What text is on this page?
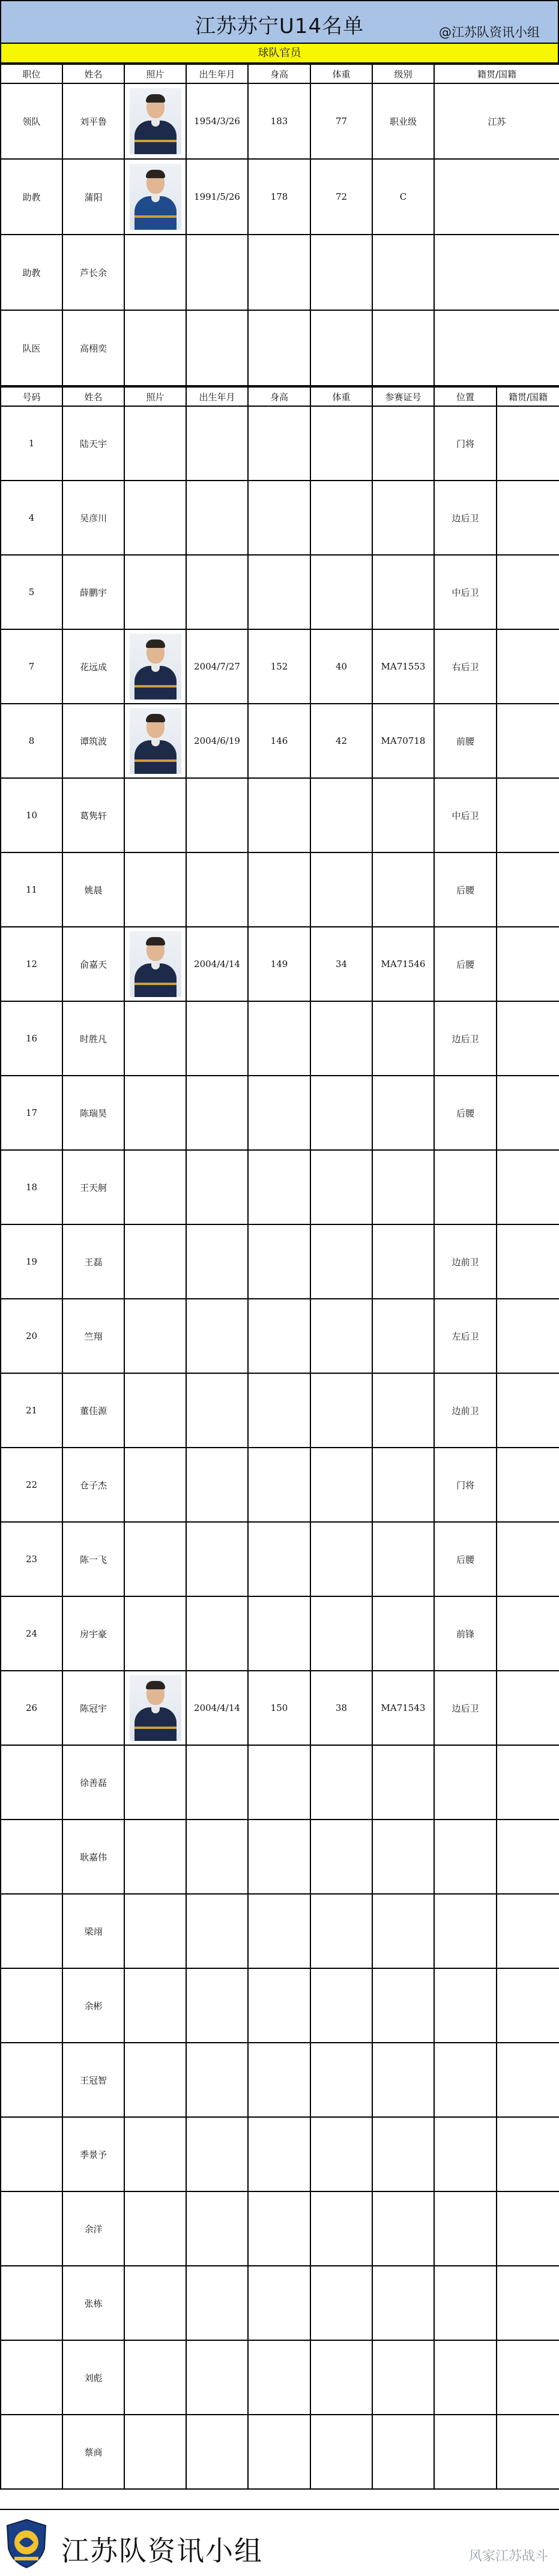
江苏苏宁U14名单	@江苏队资讯小组
球队官员
职位	姓名	照片	出生年月	身高	体重	级别	籍贯/国籍
领队	刘平鲁		1954/3/26	183	77	职业级	江苏
助教	蒲阳		1991/5/26	178	72	C	
助教	芦长余						
队医	高栩奕						
号码	姓名	照片	出生年月	身高	体重	参赛证号	位置	籍贯/国籍
1	陆天宇						门将	
4	吴彦川						边后卫	
5	薛鹏宇						中后卫	
7	花远成		2004/7/27	152	40	MA71553	右后卫	
8	谭筑波		2004/6/19	146	42	MA70718	前腰	
10	葛隽轩						中后卫	
11	姚晨						后腰	
12	俞嘉天		2004/4/14	149	34	MA71546	后腰	
16	时胜凡						边后卫	
17	陈瑞昊						后腰	
18	王天舸							
19	王磊						边前卫	
20	竺翔						左后卫	
21	董佳源						边前卫	
22	仓子杰						门将	
23	陈一飞						后腰	
24	房宇豪						前锋	
26	陈冠宇		2004/4/14	150	38	MA71543	边后卫	
	徐善磊							
	耿嘉伟							
	梁翊							
	余彬							
	王冠智							
	季景予							
	余洋							
	张栋							
	刘彪							
	蔡商							
江苏队资讯小组	风家江苏战斗
